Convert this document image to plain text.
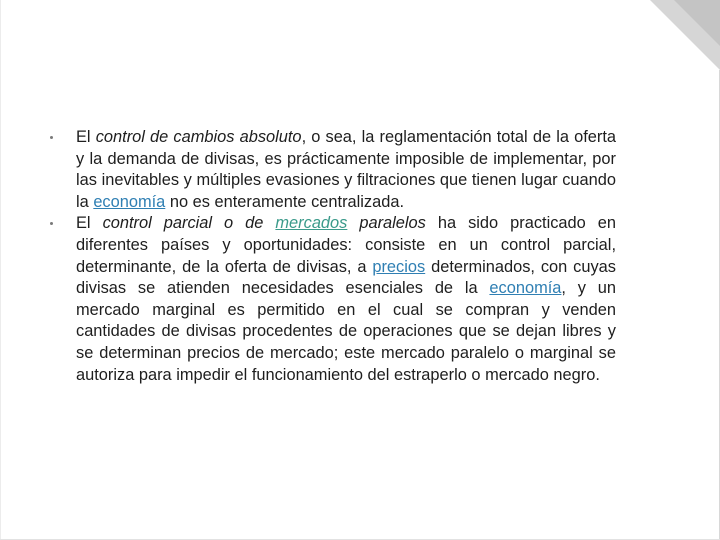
El control de cambios absoluto, o sea, la reglamentación total de la oferta y la demanda de divisas, es prácticamente imposible de implementar, por las inevitables y múltiples evasiones y filtraciones que tienen lugar cuando la economía no es enteramente centralizada.

El control parcial o de mercados paralelos ha sido practicado en diferentes países y oportunidades: consiste en un control parcial, determinante, de la oferta de divisas, a precios determinados, con cuyas divisas se atienden necesidades esenciales de la economía, y un mercado marginal es permitido en el cual se compran y venden cantidades de divisas procedentes de operaciones que se dejan libres y se determinan precios de mercado; este mercado paralelo o marginal se autoriza para impedir el funcionamiento del estraperlo o mercado negro.
